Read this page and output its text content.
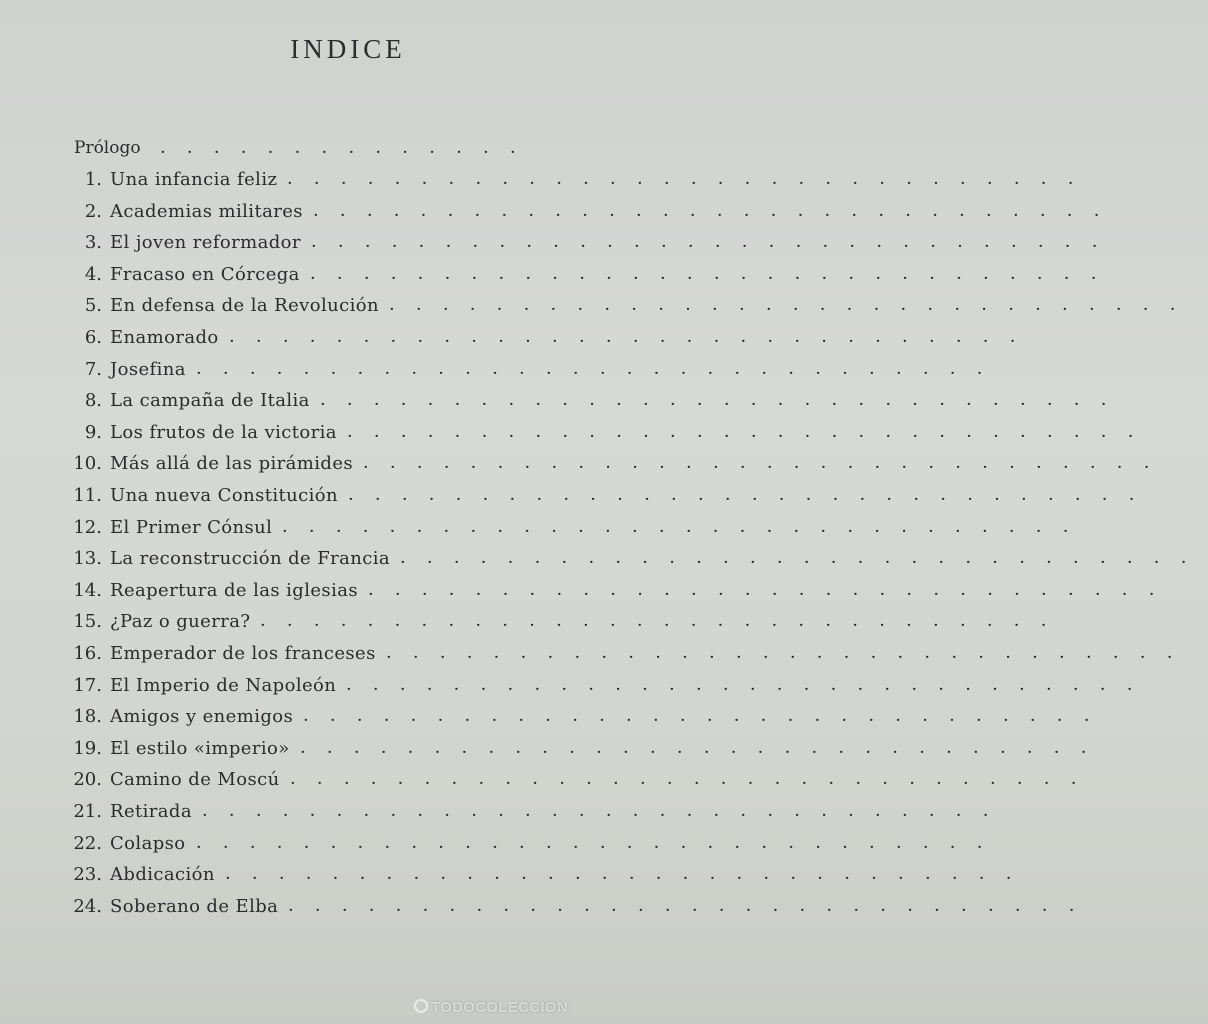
INDICE
Prólogo ··············
1. Una infancia feliz ······························
2. Academias militares ······························
3. El joven reformador ······························
4. Fracaso en Córcega ······························
5. En defensa de la Revolución ······························
6. Enamorado ······························
7. Josefina ······························
8. La campaña de Italia ······························
9. Los frutos de la victoria ······························
10. Más allá de las pirámides ······························
11. Una nueva Constitución ······························
12. El Primer Cónsul ······························
13. La reconstrucción de Francia ······························
14. Reapertura de las iglesias ······························
15. ¿Paz o guerra? ······························
16. Emperador de los franceses ······························
17. El Imperio de Napoleón ······························
18. Amigos y enemigos ······························
19. El estilo «imperio» ······························
20. Camino de Moscú ······························
21. Retirada ······························
22. Colapso ······························
23. Abdicación ······························
24. Soberano de Elba ······························
TODOCOLECCION
